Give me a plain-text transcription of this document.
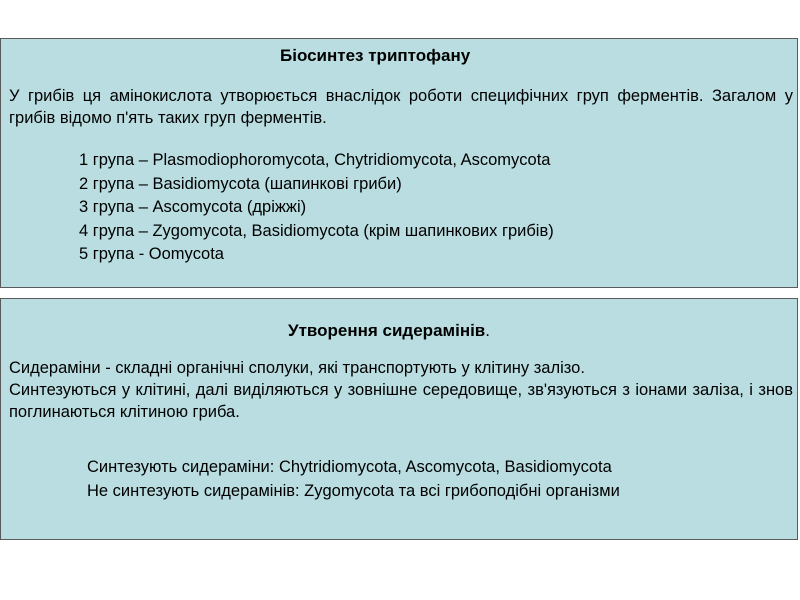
Біосинтез триптофану
У грибів ця амінокислота утворюється внаслідок роботи специфічних груп ферментів. Загалом у грибів відомо п'ять таких груп ферментів.
1 група – Plasmodiophoromycota, Chytridiomycota, Ascomycota
2 група – Basidiomycota (шапинкові гриби)
3 група – Ascomycota (дріжжі)
4 група – Zygomycota, Basidiomycota (крім шапинкових грибів)
5 група - Oomycota
Утворення сидерамінів.
Сидераміни - складні органічні сполуки, які транспортують у клітину залізо.
Синтезуються у клітині, далі виділяються у зовнішне середовище, зв'язуються з іонами заліза, і знов поглинаються клітиною гриба.
Синтезують сидераміни: Chytridiomycota, Ascomycota, Basidiomycota
Не синтезують сидерамінів: Zygomycota та всі грибоподібні організми
